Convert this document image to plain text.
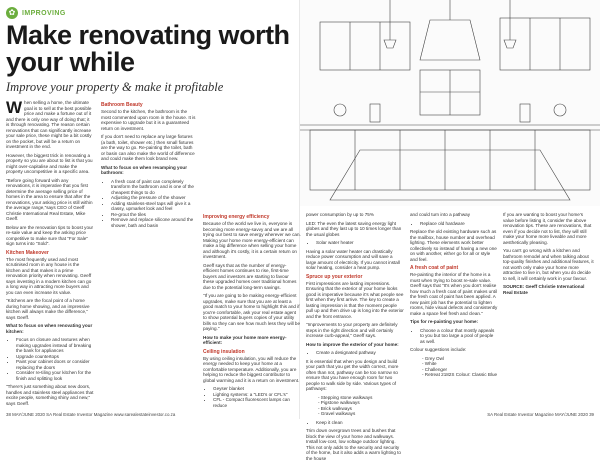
✿ IMPROVING
Make renovating worth your while

Improve your property & make it profitable

When selling a home, the ultimate goal is to sell at the best possible price and make a fortune out of it and there is only one way of doing that; it is through renovating. The reason certain renovations that can significantly increase your sale price, these might be a bit costly on the pocket, but will be a return on investment in the end.

However, the biggest trick in renovating a property so you are about to list is that you might over-capitalise and make the property uncompetitive in a specific area.

"Before going forward with any renovations, it is imperative that you first determine the average selling price of homes in the area to ensure that after the renovations, your asking price is still within the average range,"says CEO of Geeff Christie International Real Estate, Mike Geeff.

Below are the renovation tips to boost your re-sale value and keep the asking price competitive to make sure that "For Sale" sign turns into "Sold".

Kitchen Makeover

The most frequently used and most scrutinised room in any house is the kitchen and that makes it a prime renovation priority when renovating. Geeff says investing in a modern kitchen can go a long way in attracting more buyers and you can even increase its value.

"Kitchens are the focal point of a home during home showing, and an impressive kitchen will always make the difference," says Geeff.

What to focus on when renovating your kitchen:

• Focus on closure and textures when making upgrades instead of breaking the bank for appliances
• Upgrade countertops
• Paint your cabinet doors or consider replacing the doors
• Consider re-tiling your kitchen for the finish and splitting look

"There's just something about new doors, handles and stainless steel appliances that excite people, something shiny and new," says Geeff.

Bathroom Beauty

Second to the kitchen, the bathroom is the most commented upon room in the house. It is expensive to upgrade but it is a guaranteed return on investment.

If you don't need to replace any large fixtures (a bath, toilet, shower etc.) then small fixtures are the way to go. Re-painting the toilet, bath or basin can also make the world of difference and could make them look brand new.

What to focus on when revamping your bathroom:

• A fresh coat of paint can completely transform the bathroom and is one of the cheapest things to do
• Adjusting the pressure of the shower
• Adding stainless-steel taps will give it a classy, upmarket look and feel
• Re-grout the tiles
• Remove and replace silicone around the shower, bath and basin
Improving energy efficiency

Because of the world we live in, everyone is becoming more energy-savvy and we are all trying our best to save energy wherever we can. Making your home more energy-efficient can make a big difference when selling your home and although it's costly, it is a certain return on investment.

Geeff says that as the number of energy-efficient homes continues to rise, first-time buyers and investors are starting to favour these upgraded homes over traditional homes due to the potential long-term savings.

"If you are going to be making energy-efficient upgrades, make sure that you are at least a good match to your home to highlight this and if you're comfortable, ask your real estate agent to show potential buyers copies of your utility bills so they can see how much less they will be paying."

How to make your home more energy-efficient:

Ceiling insulation

By using ceiling insulation, you will reduce the energy needed to keep your home at a comfortable temperature. Additionally, you are helping to reduce the biggest contributor to global warming and it is a return on investment.

• Geyser blanket
• Lighting systems: a "LED's or CFL's"
• CFL - Compact fluorescent lamps can reduce

power consumption by up to 75%

LED: The even the latest saving energy light globes and they last up to 10 times longer than the usual globes

• Solar water heater

Having a solar water heater can drastically reduce power consumption and will save a large amount of electricity. If you cannot install solar heating, consider a heat pump.

Spruce up your exterior

First impressions are lasting impressions. Ensuring that the exterior of your home looks good is imperative because it's what people see first when they first arrive. The key to create a lasting impression is that the moment people pull up and then drive up is long into the exterior and the front entrance.

"Improvements to your property are definitely steps in the right direction and will certainly increase curb-appeal," Geeff says.

How to improve the exterior of your home:

• Create a designated pathway

It is essential that when you design and build your path that you get the width correct, more often than not, pathway can be too narrow so ensure that you have enough room for two people to walk side by side. Various types of pathways:

- Stepping stone walkways
- Pigstone walkways
- Brick walkways
- Gravel walkways
• Keep it clean

Trim down overgrown trees and bushes that block the view of your home and walkways. Install low-cost, low voltage outdoor lighting. This not only adds to the security and security of the home, but it also adds a warm lighting to the house

and could turn into a pathway

• Replace old hardware

Replace the old existing hardware such as the mailbox, house number and overhead lighting. These elements work better collectively so instead of having a new one on with another, either go for all or style and feel.

A fresh coat of paint

Re-painting the interior of the home is a must when trying to boost re-sale value. Geeff says that "It's when you don't realise how much a fresh coat of paint makes until the fresh coat of paint has been applied. A new paint job has the potential to lighten rooms, hide visual defects and consistently make a space feel fresh and clean."

Tips for re-painting your home:

• Choose a colour that mostly appeals to you but too large a pool of people as well.

Colour suggestions include:

- Grey Owl
- White
- Challenger
- Retreat 2182S Colour: Classic Blue

If you are wanting to boost your home's value before listing it, consider the above renovation tips. These are renovations, that even if you decide not to list, they will still make your home more liveable and more aesthetically pleasing.

You can't go wrong with a kitchen and bathroom remodel and when talking about top-quality finishes and additional features, it not worth only make your home more attractive to live in, but when you do decide to sell, it will certainly work in your favour.

SOURCE: Geeff Christie International Real Estate

38 MAY/JUNE 2020 SA Real Estate Investor Magazine www.sarealestateinvestor.co.za	SA Real Estate Investor Magazine MAY/JUNE 2020 39
